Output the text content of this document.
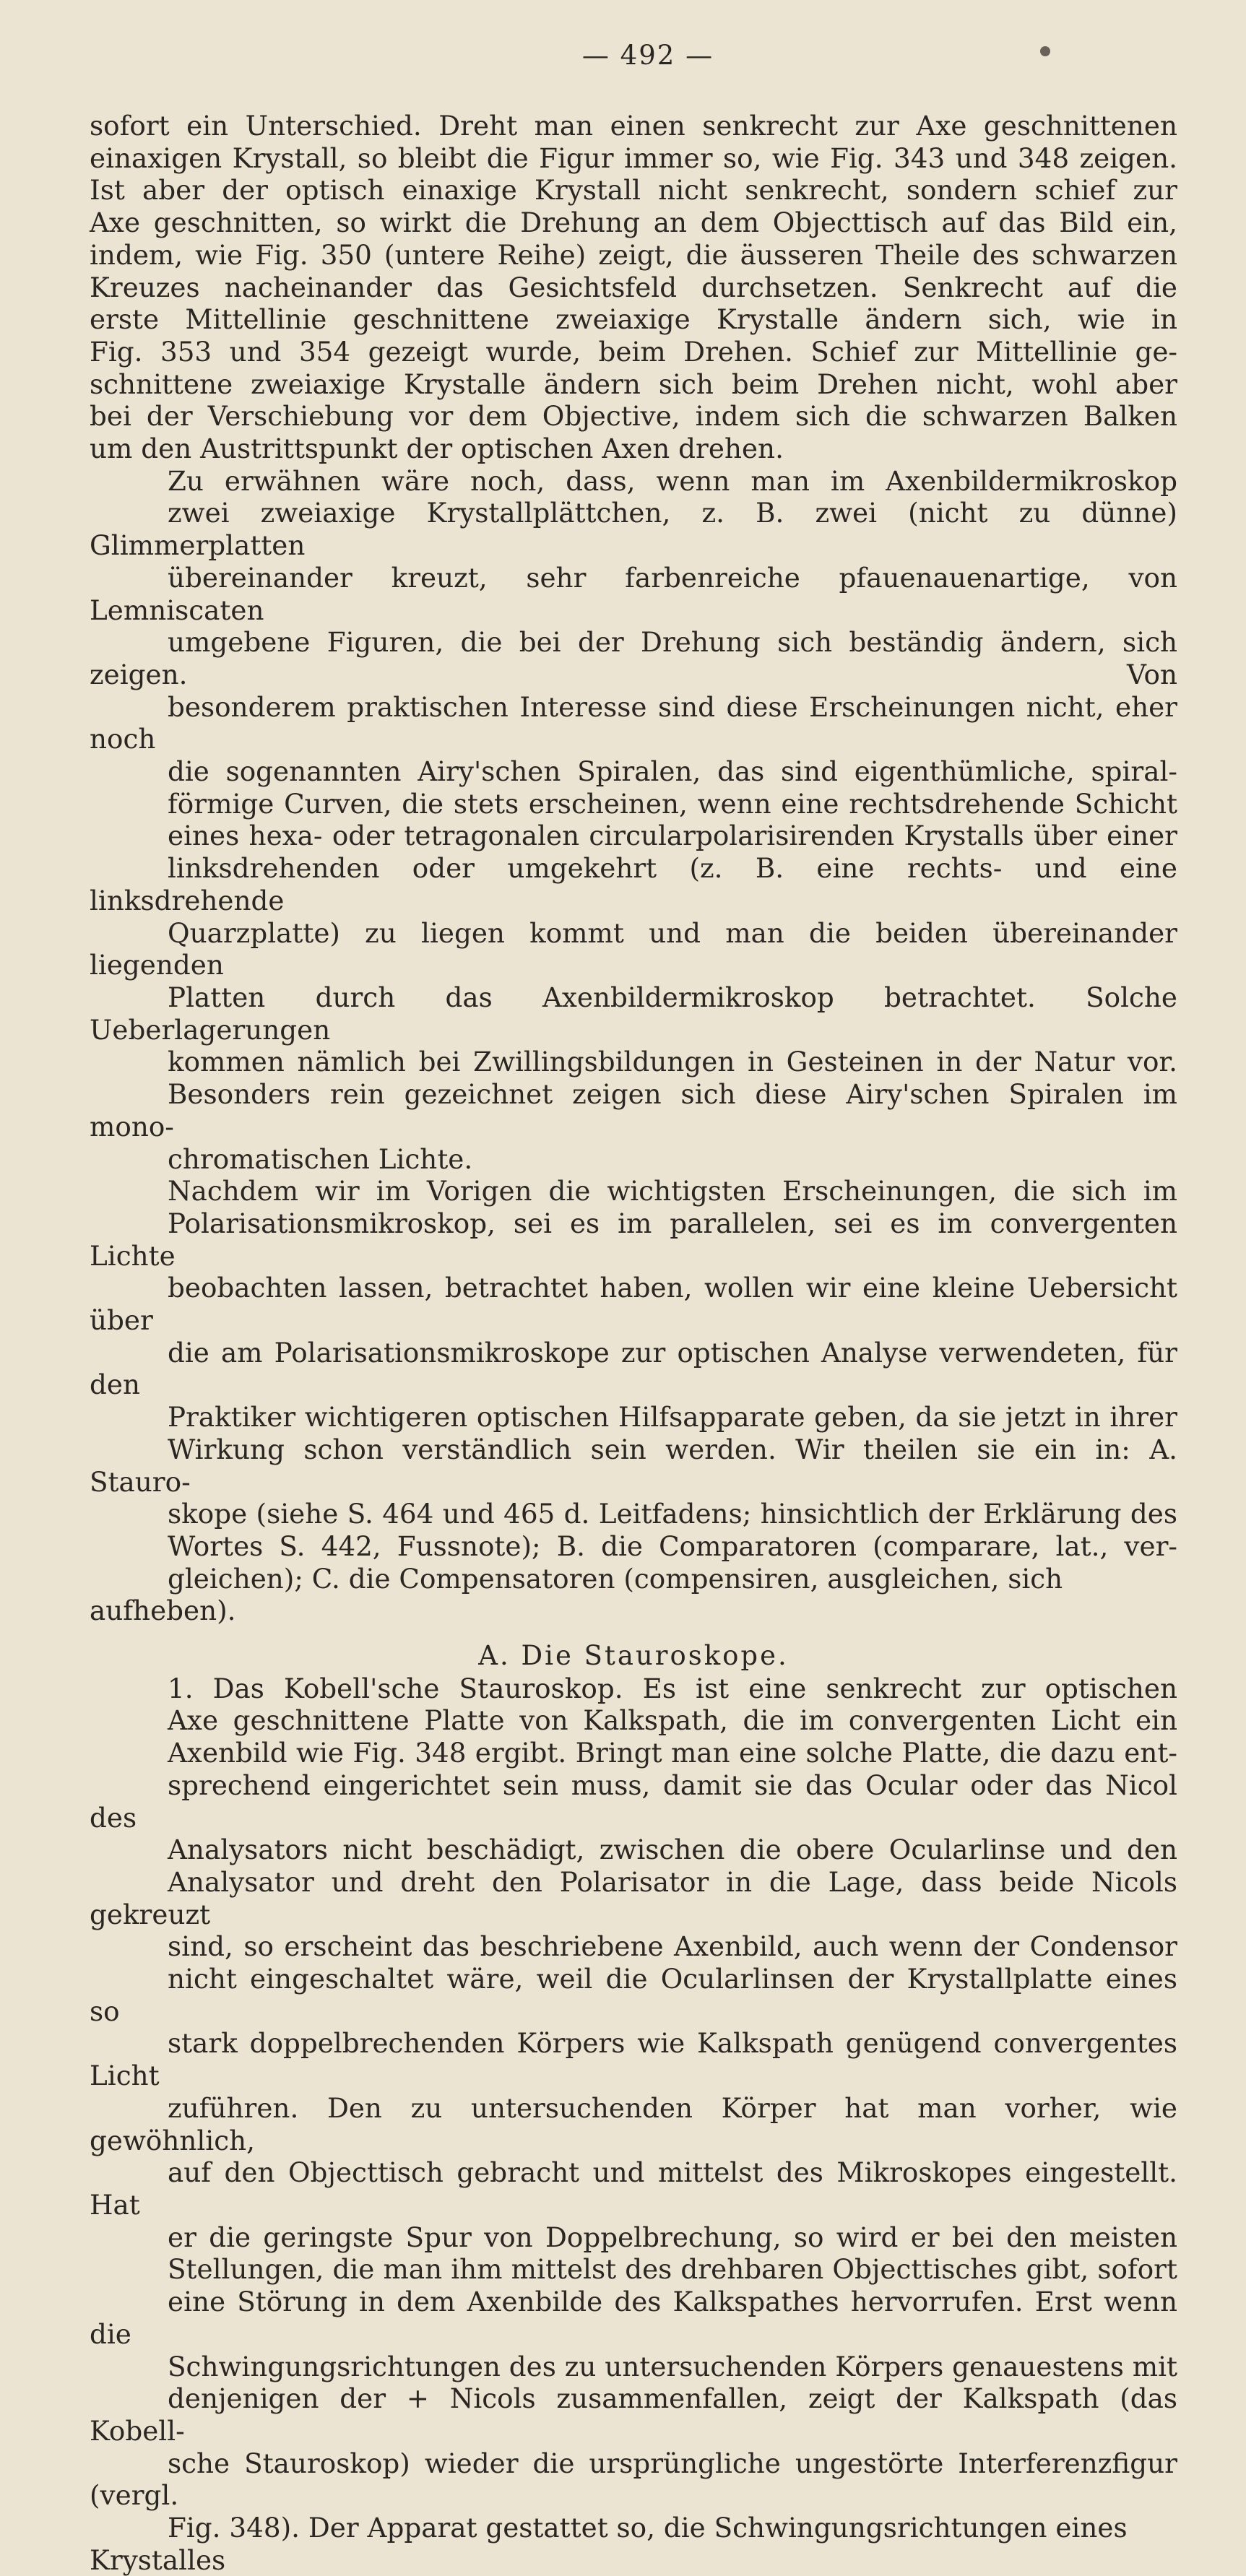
— 492 —

sofort ein Unterschied. Dreht man einen senkrecht zur Axe geschnittenen
einaxigen Krystall, so bleibt die Figur immer so, wie Fig. 343 und 348 zeigen.
Ist aber der optisch einaxige Krystall nicht senkrecht, sondern schief zur
Axe geschnitten, so wirkt die Drehung an dem Objecttisch auf das Bild ein,
indem, wie Fig. 350 (untere Reihe) zeigt, die äusseren Theile des schwarzen
Kreuzes nacheinander das Gesichtsfeld durchsetzen. Senkrecht auf die
erste Mittellinie geschnittene zweiaxige Krystalle ändern sich, wie in
Fig. 353 und 354 gezeigt wurde, beim Drehen. Schief zur Mittellinie ge-
schnittene zweiaxige Krystalle ändern sich beim Drehen nicht, wohl aber
bei der Verschiebung vor dem Objective, indem sich die schwarzen Balken
um den Austrittspunkt der optischen Axen drehen.

Zu erwähnen wäre noch, dass, wenn man im Axenbildermikroskop
zwei zweiaxige Krystallplättchen, z. B. zwei (nicht zu dünne) Glimmerplatten
übereinander kreuzt, sehr farbenreiche pfauenauenartige, von Lemniscaten
umgebene Figuren, die bei der Drehung sich beständig ändern, sich zeigen. Von
besonderem praktischen Interesse sind diese Erscheinungen nicht, eher noch
die sogenannten Airy'schen Spiralen, das sind eigenthümliche, spiral-
förmige Curven, die stets erscheinen, wenn eine rechtsdrehende Schicht
eines hexa- oder tetragonalen circularpolarisirenden Krystalls über einer
linksdrehenden oder umgekehrt (z. B. eine rechts- und eine linksdrehende
Quarzplatte) zu liegen kommt und man die beiden übereinander liegenden
Platten durch das Axenbildermikroskop betrachtet. Solche Ueberlagerungen
kommen nämlich bei Zwillingsbildungen in Gesteinen in der Natur vor.
Besonders rein gezeichnet zeigen sich diese Airy'schen Spiralen im mono-
chromatischen Lichte.

Nachdem wir im Vorigen die wichtigsten Erscheinungen, die sich im
Polarisationsmikroskop, sei es im parallelen, sei es im convergenten Lichte
beobachten lassen, betrachtet haben, wollen wir eine kleine Uebersicht über
die am Polarisationsmikroskope zur optischen Analyse verwendeten, für den
Praktiker wichtigeren optischen Hilfsapparate geben, da sie jetzt in ihrer
Wirkung schon verständlich sein werden. Wir theilen sie ein in: A. Stauro-
skope (siehe S. 464 und 465 d. Leitfadens; hinsichtlich der Erklärung des
Wortes S. 442, Fussnote); B. die Comparatoren (comparare, lat., ver-
gleichen); C. die Compensatoren (compensiren, ausgleichen, sich aufheben).

A. Die Stauroskope.

1. Das Kobell'sche Stauroskop. Es ist eine senkrecht zur optischen
Axe geschnittene Platte von Kalkspath, die im convergenten Licht ein
Axenbild wie Fig. 348 ergibt. Bringt man eine solche Platte, die dazu ent-
sprechend eingerichtet sein muss, damit sie das Ocular oder das Nicol des
Analysators nicht beschädigt, zwischen die obere Ocularlinse und den
Analysator und dreht den Polarisator in die Lage, dass beide Nicols gekreuzt
sind, so erscheint das beschriebene Axenbild, auch wenn der Condensor
nicht eingeschaltet wäre, weil die Ocularlinsen der Krystallplatte eines so
stark doppelbrechenden Körpers wie Kalkspath genügend convergentes Licht
zuführen. Den zu untersuchenden Körper hat man vorher, wie gewöhnlich,
auf den Objecttisch gebracht und mittelst des Mikroskopes eingestellt. Hat
er die geringste Spur von Doppelbrechung, so wird er bei den meisten
Stellungen, die man ihm mittelst des drehbaren Objecttisches gibt, sofort
eine Störung in dem Axenbilde des Kalkspathes hervorrufen. Erst wenn die
Schwingungsrichtungen des zu untersuchenden Körpers genauestens mit
denjenigen der + Nicols zusammenfallen, zeigt der Kalkspath (das Kobell-
sche Stauroskop) wieder die ursprüngliche ungestörte Interferenzfigur (vergl.
Fig. 348). Der Apparat gestattet so, die Schwingungsrichtungen eines Krystalles
